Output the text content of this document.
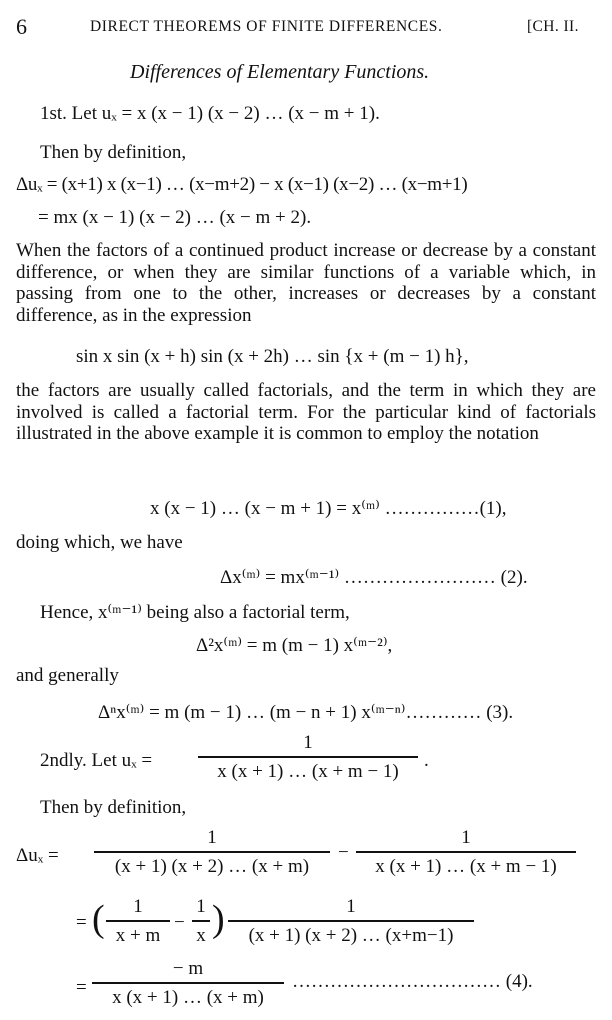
6	DIRECT THEOREMS OF FINITE DIFFERENCES.	[CH. II.
Differences of Elementary Functions.
1st. Let uₓ = x (x − 1) (x − 2) … (x − m + 1).
Then by definition,
Δuₓ = (x+1) x (x−1) … (x−m+2) − x (x−1) (x−2) … (x−m+1)
= mx (x − 1) (x − 2) … (x − m + 2).
When the factors of a continued product increase or decrease by a constant difference, or when they are similar functions of a variable which, in passing from one to the other, increases or decreases by a constant difference, as in the expression
sin x sin (x + h) sin (x + 2h) … sin {x + (m − 1) h},
the factors are usually called factorials, and the term in which they are involved is called a factorial term. For the particular kind of factorials illustrated in the above example it is common to employ the notation
x (x − 1) … (x − m + 1) = x⁽ᵐ⁾ ……………(1),
doing which, we have
Δx⁽ᵐ⁾ = mx⁽ᵐ⁻¹⁾ …………………… (2).
Hence, x⁽ᵐ⁻¹⁾ being also a factorial term,
Δ²x⁽ᵐ⁾ = m (m − 1) x⁽ᵐ⁻²⁾,
and generally
Δⁿx⁽ᵐ⁾ = m (m − 1) … (m − n + 1) x⁽ᵐ⁻ⁿ⁾………… (3).
2ndly. Let uₓ =
1
x (x + 1) … (x + m − 1)
.
Then by definition,
Δuₓ =
1
(x + 1) (x + 2) … (x + m)
−
1
x (x + 1) … (x + m − 1)
= (	1
x + m
−
1
x )	1
(x + 1) (x + 2) … (x+m−1)
=
− m
x (x + 1) … (x + m)
…………………………… (4).
